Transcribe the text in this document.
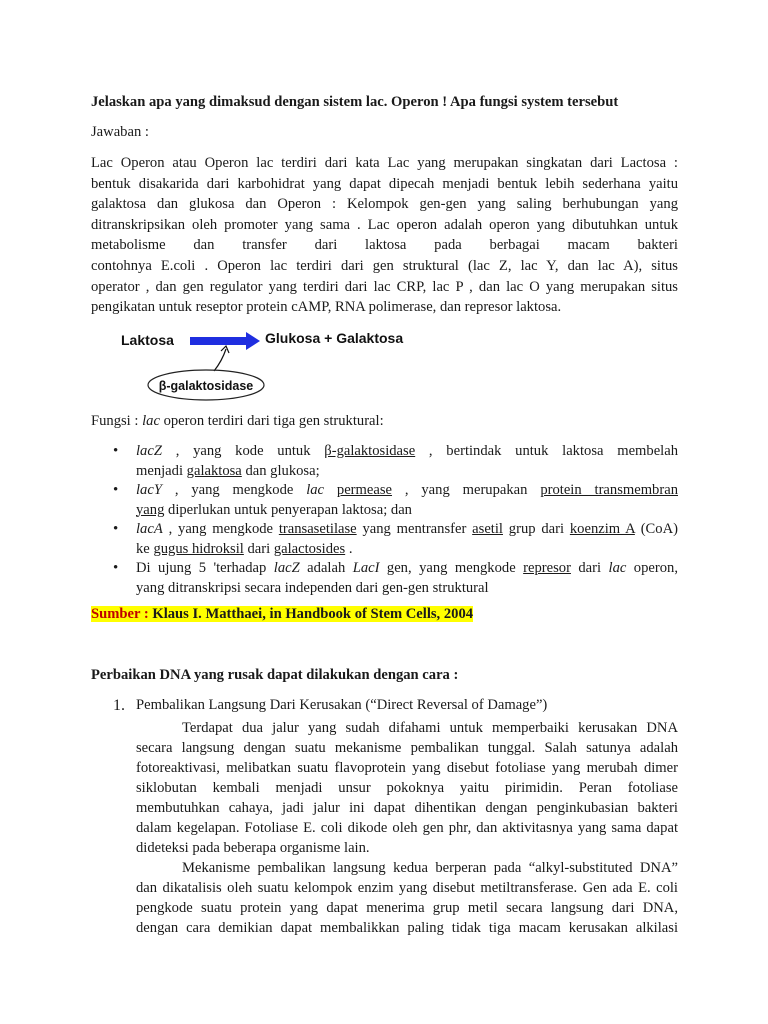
Jelaskan apa yang dimaksud dengan sistem lac. Operon ! Apa fungsi system tersebut

Jawaban :

Lac Operon atau Operon lac terdiri dari kata Lac yang merupakan singkatan dari Lactosa :
bentuk disakarida dari karbohidrat yang dapat dipecah menjadi bentuk lebih sederhana yaitu
galaktosa dan glukosa dan Operon : Kelompok gen-gen yang saling berhubungan yang
ditranskripsikan oleh promoter yang sama . Lac operon adalah operon yang dibutuhkan untuk
metabolisme dan transfer dari laktosa pada berbagai macam bakteri
contohnya E.coli . Operon lac terdiri dari gen struktural (lac Z, lac Y, dan lac A), situs
operator , dan gen regulator yang terdiri dari lac CRP, lac P , dan lac O yang merupakan situs
pengikatan untuk reseptor protein cAMP, RNA polimerase, dan represor laktosa.
Laktosa	Glukosa + Galaktosa
β-galaktosidase

Fungsi : lac operon terdiri dari tiga gen struktural:

• lacZ , yang kode untuk β-galaktosidase , bertindak untuk laktosa membelah
menjadi galaktosa dan glukosa;
• lacY , yang mengkode lac permease , yang merupakan protein transmembran
yang diperlukan untuk penyerapan laktosa; dan
• lacA , yang mengkode transasetilase yang mentransfer asetil grup dari koenzim A (CoA)
ke gugus hidroksil dari galactosides .
• Di ujung 5 'terhadap lacZ adalah LacI gen, yang mengkode represor dari lac operon,
yang ditranskripsi secara independen dari gen-gen struktural

Sumber : Klaus I. Matthaei, in Handbook of Stem Cells, 2004

Perbaikan DNA yang rusak dapat dilakukan dengan cara :

1. Pembalikan Langsung Dari Kerusakan (“Direct Reversal of Damage”)
Terdapat dua jalur yang sudah difahami untuk memperbaiki kerusakan DNA
secara langsung dengan suatu mekanisme pembalikan tunggal. Salah satunya adalah
fotoreaktivasi, melibatkan suatu flavoprotein yang disebut fotoliase yang merubah dimer
siklobutan kembali menjadi unsur pokoknya yaitu pirimidin. Peran fotoliase
membutuhkan cahaya, jadi jalur ini dapat dihentikan dengan penginkubasian bakteri
dalam kegelapan. Fotoliase E. coli dikode oleh gen phr, dan aktivitasnya yang sama dapat
dideteksi pada beberapa organisme lain.
Mekanisme pembalikan langsung kedua berperan pada “alkyl-substituted DNA”
dan dikatalisis oleh suatu kelompok enzim yang disebut metiltransferase. Gen ada E. coli
pengkode suatu protein yang dapat menerima grup metil secara langsung dari DNA,
dengan cara demikian dapat membalikkan paling tidak tiga macam kerusakan alkilasi
